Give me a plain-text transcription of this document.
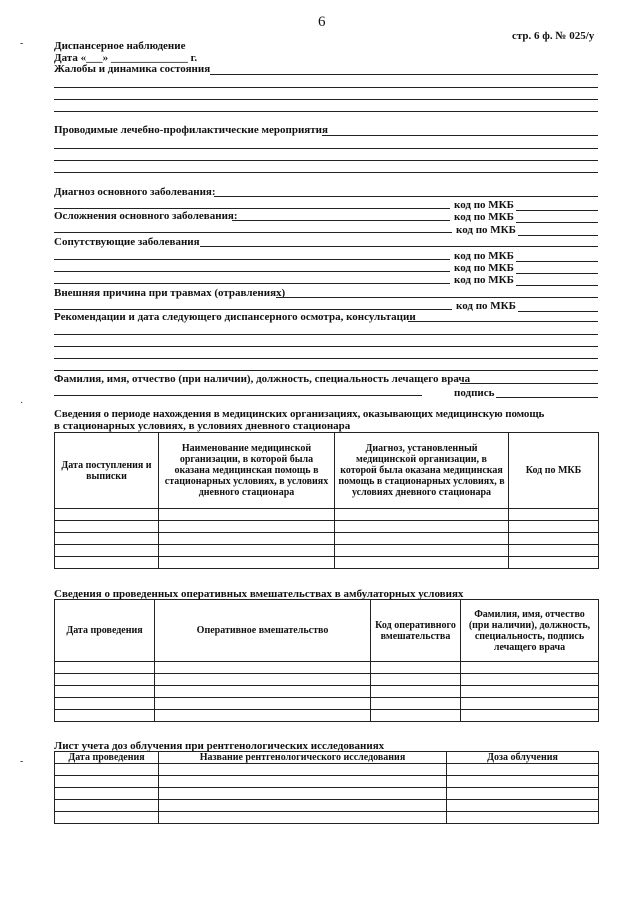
-
·
-
6
стр. 6 ф. № 025/у
Диспансерное наблюдение
Дата «___» ______________ г.
Жалобы и динамика состояния
Проводимые лечебно-профилактические мероприятия
Диагноз основного заболевания:
код по МКБ
Осложнения основного заболевания:	код по МКБ
код по МКБ
Сопутствующие заболевания
код по МКБ
код по МКБ
код по МКБ
Внешняя причина при травмах (отравлениях)
код по МКБ
Рекомендации и дата следующего диспансерного осмотра, консультации
Фамилия, имя, отчество (при наличии), должность, специальность лечащего врача
подпись
Сведения о периоде нахождения в медицинских организациях, оказывающих медицинскую помощь
в стационарных условиях, в условиях дневного стационара
Дата поступления и выписки	Наименование медицинской организации, в которой была оказана медицинская помощь в стационарных условиях, в условиях дневного стационара	Диагноз, установленный медицинской организации, в которой была оказана медицинская помощь в стационарных условиях, в условиях дневного стационара	Код по МКБ

Сведения о проведенных оперативных вмешательствах в амбулаторных условиях
Дата проведения	Оперативное вмешательство	Код оперативного вмешательства	Фамилия, имя, отчество (при наличии), должность, специальность, подпись лечащего врача

Лист учета доз облучения при рентгенологических исследованиях
Дата проведения	Название рентгенологического исследования	Доза облучения
